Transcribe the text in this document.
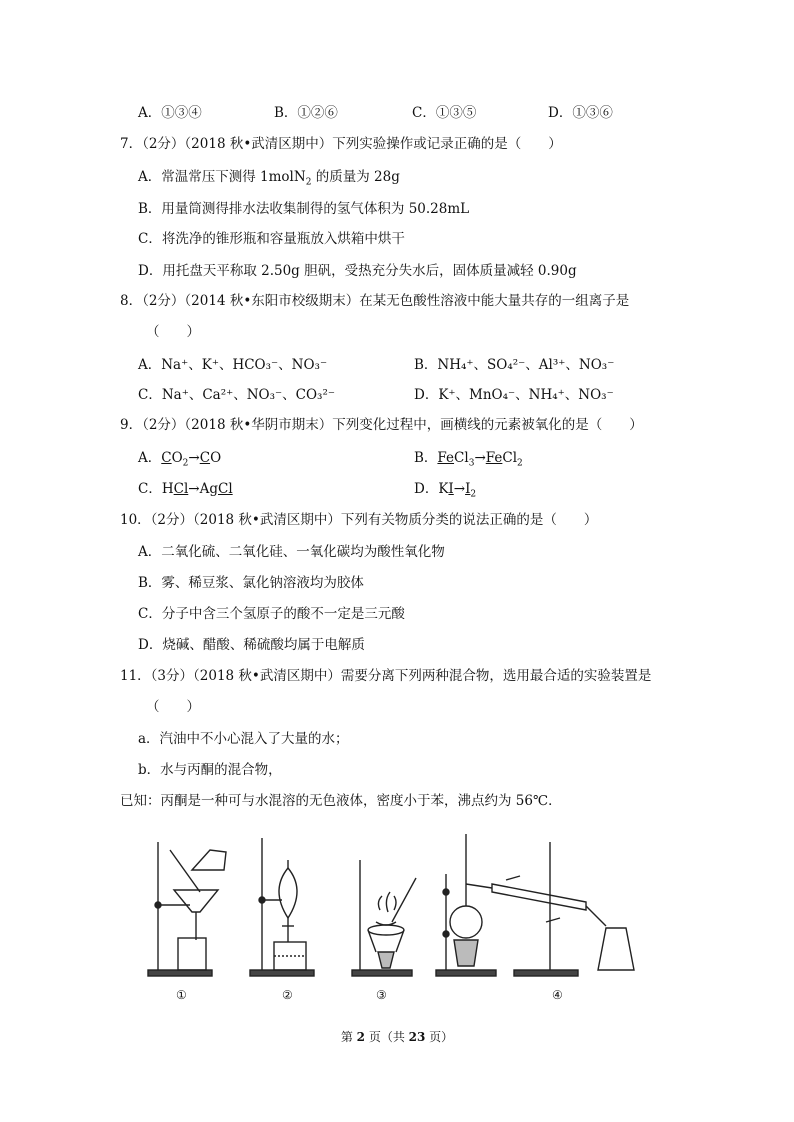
A．①③④	B．①②⑥	C．①③⑤	D．①③⑥
7．（2分）（2018 秋•武清区期中）下列实验操作或记录正确的是（　　）
A．常温常压下测得 1molN$_2$ 的质量为 28g
B．用量筒测得排水法收集制得的氢气体积为 50.28mL
C．将洗净的锥形瓶和容量瓶放入烘箱中烘干
D．用托盘天平称取 2.50g 胆矾，受热充分失水后，固体质量减轻 0.90g
8．（2分）（2014 秋•东阳市校级期末）在某无色酸性溶液中能大量共存的一组离子是
（　　）
A．Na⁺、K⁺、HCO₃⁻、NO₃⁻	B．NH₄⁺、SO₄²⁻、Al³⁺、NO₃⁻
C．Na⁺、Ca²⁺、NO₃⁻、CO₃²⁻	D．K⁺、MnO₄⁻、NH₄⁺、NO₃⁻
9．（2分）（2018 秋•华阴市期末）下列变化过程中，画横线的元素被氧化的是（　　）
A．$CO_2\to CO$	B．FeCl$_3$→FeCl$_2$
C．HCl→AgCl	D．$KI\to I_2$
10．（2分）（2018 秋•武清区期中）下列有关物质分类的说法正确的是（　　）
A．二氧化硫、二氧化硅、一氧化碳均为酸性氧化物
B．雾、稀豆浆、氯化钠溶液均为胶体
C．分子中含三个氢原子的酸不一定是三元酸
D．烧碱、醋酸、稀硫酸均属于电解质
11．（3分）（2018 秋•武清区期中）需要分离下列两种混合物，选用最合适的实验装置是
（　　）
a．汽油中不小心混入了大量的水；
b．水与丙酮的混合物，
已知：丙酮是一种可与水混溶的无色液体，密度小于苯，沸点约为 56℃．
①	②	③	④
第 2 页（共 23 页）
